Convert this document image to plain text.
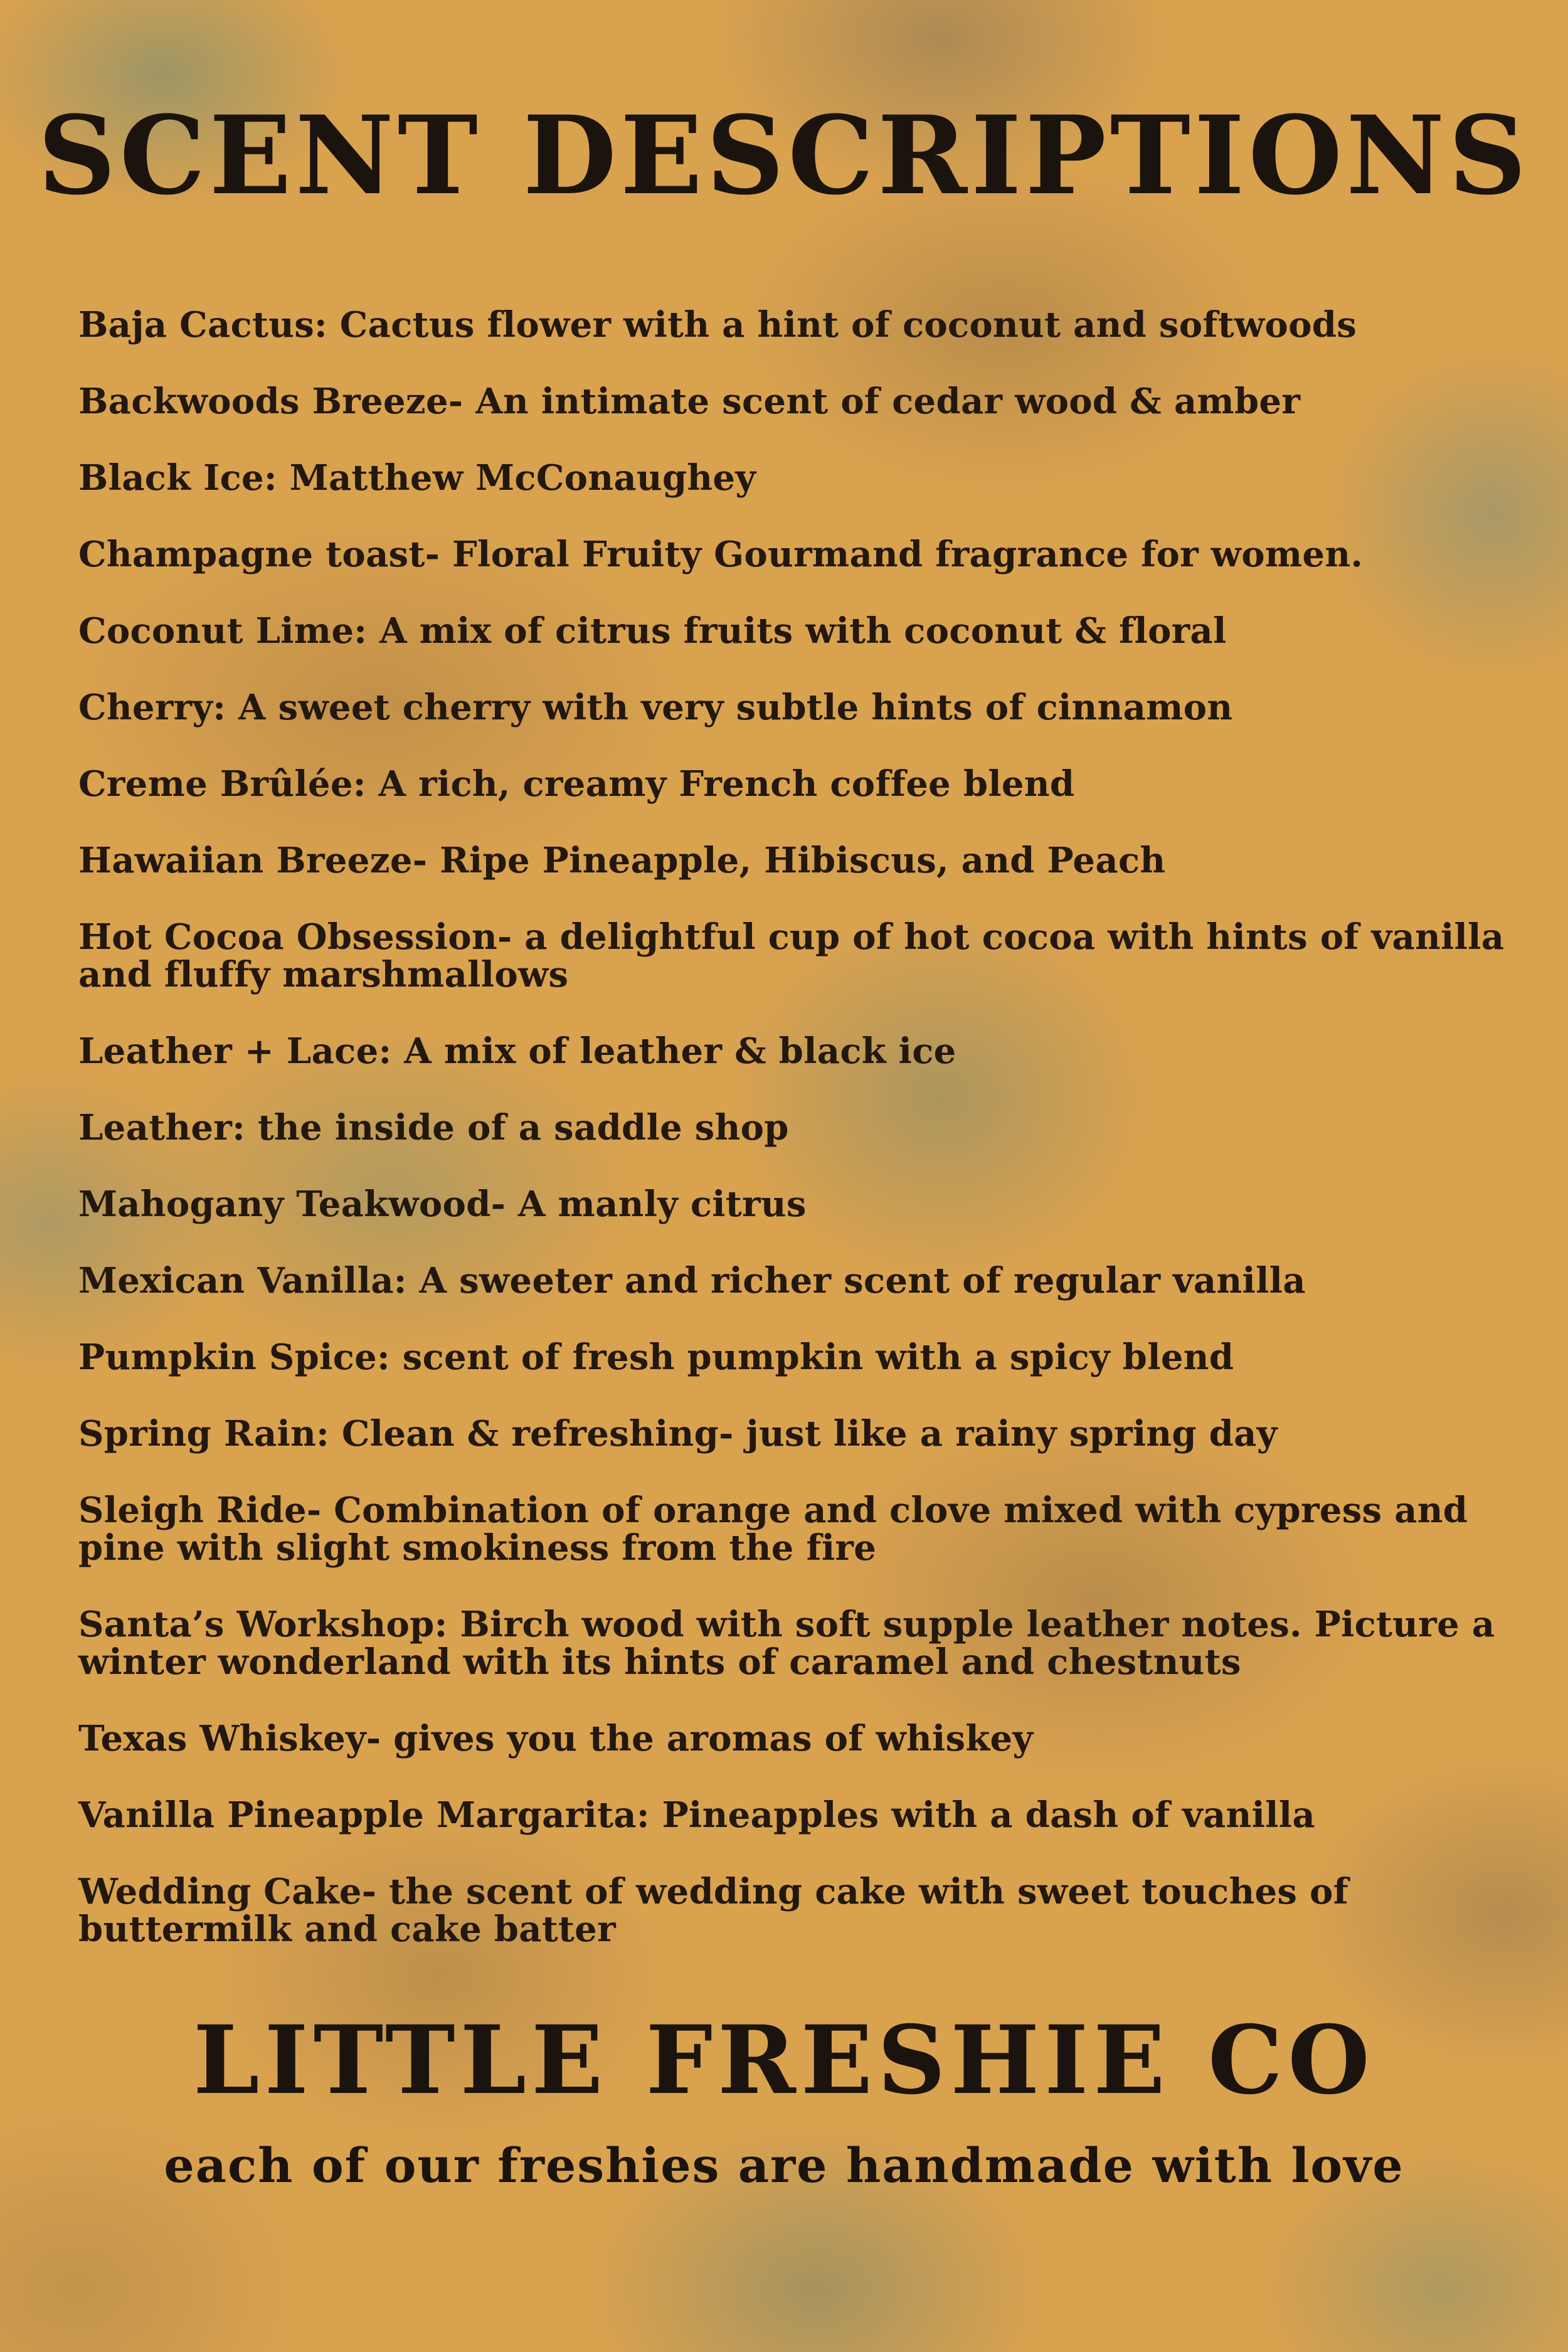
SCENT DESCRIPTIONS
Baja Cactus: Cactus flower with a hint of coconut and softwoods
Backwoods Breeze- An intimate scent of cedar wood & amber
Black Ice: Matthew McConaughey
Champagne toast- Floral Fruity Gourmand fragrance for women.
Coconut Lime: A mix of citrus fruits with coconut & floral
Cherry: A sweet cherry with very subtle hints of cinnamon
Creme Brûlée: A rich, creamy French coffee blend
Hawaiian Breeze- Ripe Pineapple, Hibiscus, and Peach
Hot Cocoa Obsession- a delightful cup of hot cocoa with hints of vanilla and fluffy marshmallows
Leather + Lace: A mix of leather & black ice
Leather: the inside of a saddle shop
Mahogany Teakwood- A manly citrus
Mexican Vanilla: A sweeter and richer scent of regular vanilla
Pumpkin Spice: scent of fresh pumpkin with a spicy blend
Spring Rain: Clean & refreshing- just like a rainy spring day
Sleigh Ride- Combination of orange and clove mixed with cypress and pine with slight smokiness from the fire
Santa’s Workshop: Birch wood with soft supple leather notes. Picture a winter wonderland with its hints of caramel and chestnuts
Texas Whiskey- gives you the aromas of whiskey
Vanilla Pineapple Margarita: Pineapples with a dash of vanilla
Wedding Cake- the scent of wedding cake with sweet touches of buttermilk and cake batter
LITTLE FRESHIE CO

each of our freshies are handmade with love
